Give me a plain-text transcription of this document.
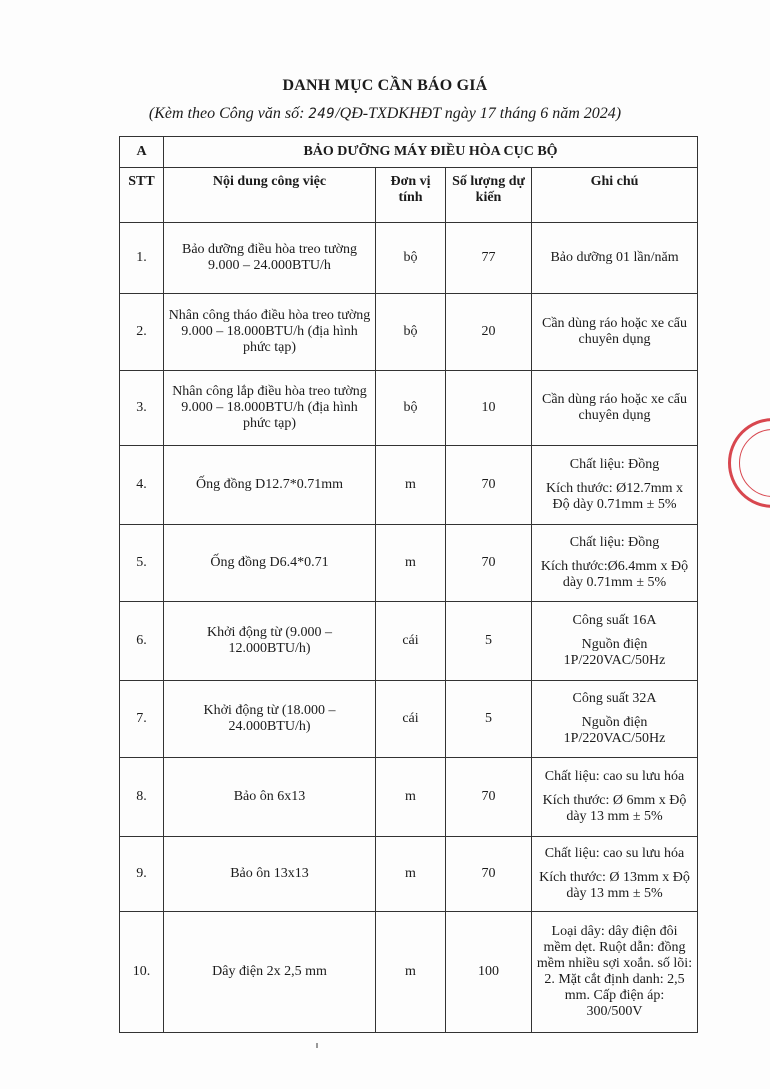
DANH MỤC CẦN BÁO GIÁ
(Kèm theo Công văn số: 249/QĐ-TXDKHĐT ngày 17 tháng 6 năm 2024)
A	BẢO DƯỠNG MÁY ĐIỀU HÒA CỤC BỘ			
STT	Nội dung công việc	Đơn vị tính	Số lượng dự kiến	Ghi chú
1.	Bảo dưỡng điều hòa treo tường 9.000 – 24.000BTU/h	bộ	77	Bảo dưỡng 01 lần/năm

2.	Nhân công tháo điều hòa treo tường 9.000 – 18.000BTU/h (địa hình phức tạp)	bộ	20	Cần dùng ráo hoặc xe cẩu chuyên dụng

3.	Nhân công lắp điều hòa treo tường 9.000 – 18.000BTU/h (địa hình phức tạp)	bộ	10	Cần dùng ráo hoặc xe cẩu chuyên dụng

4.	Ống đồng D12.7*0.71mm	m	70	Chất liệu: Đồng
Kích thước: Ø12.7mm x Độ dày 0.71mm ± 5%

5.	Ống đồng D6.4*0.71	m	70	Chất liệu: Đồng
Kích thước:Ø6.4mm x Độ dày 0.71mm ± 5%

6.	Khởi động từ (9.000 – 12.000BTU/h)	cái	5	Công suất 16A
Nguồn điện 1P/220VAC/50Hz

7.	Khởi động từ (18.000 – 24.000BTU/h)	cái	5	Công suất 32A
Nguồn điện 1P/220VAC/50Hz

8.	Bảo ôn 6x13	m	70	Chất liệu: cao su lưu hóa
Kích thước: Ø 6mm x Độ dày 13 mm ± 5%

9.	Bảo ôn 13x13	m	70	Chất liệu: cao su lưu hóa
Kích thước: Ø 13mm x Độ dày 13 mm ± 5%

10.	Dây điện 2x 2,5 mm	m	100	Loại dây: dây điện đôi mềm dẹt. Ruột dẫn: đồng mềm nhiều sợi xoắn. số lõi: 2. Mặt cắt định danh: 2,5 mm. Cấp điện áp: 300/500V
